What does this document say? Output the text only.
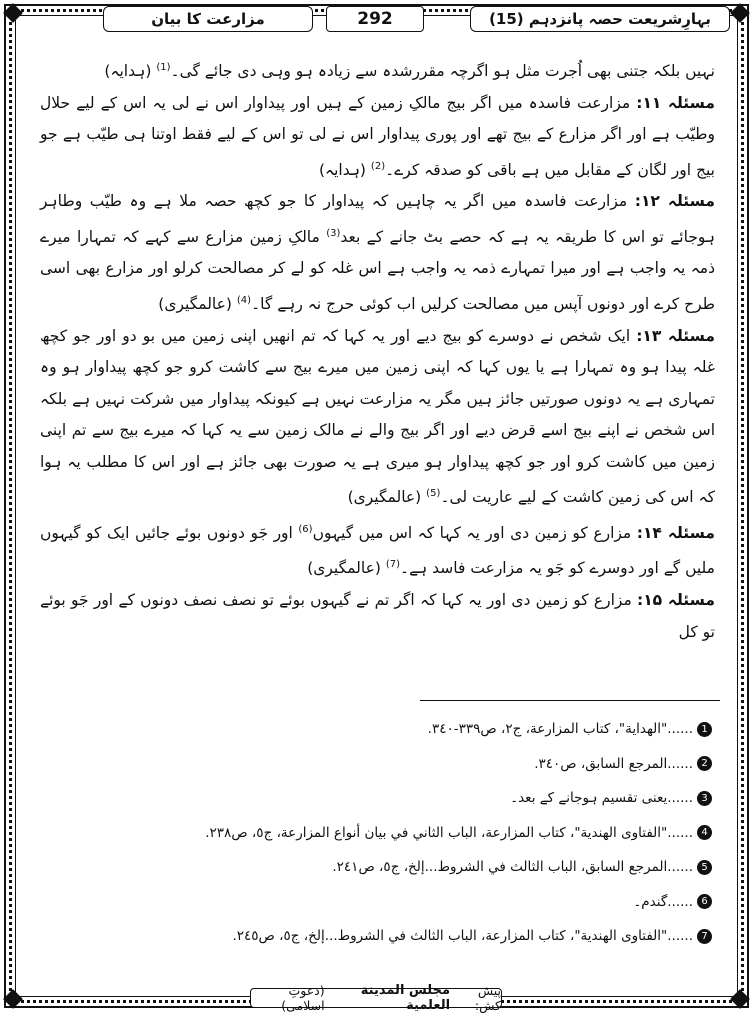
بہارِشریعت حصہ پانزدہم (15)
292
مزارعت کا بیان

نہیں بلکہ جتنی بھی اُجرت مثل ہو اگرچہ مقررشدہ سے زیادہ ہو وہی دی جائے گی۔$^{(1)}$ (ہدایہ)

مسئلہ ۱۱: مزارعت فاسدہ میں اگر بیج مالکِ زمین کے ہیں اور پیداوار اس نے لی یہ اس کے لیے حلال وطیّب ہے اور اگر مزارع کے بیج تھے اور پوری پیداوار اس نے لی تو اس کے لیے فقط اوتنا ہی طیّب ہے جو بیج اور لگان کے مقابل میں ہے باقی کو صدقہ کرے۔$^{(2)}$ (ہدایہ)

مسئلہ ۱۲: مزارعت فاسدہ میں اگر یہ چاہیں کہ پیداوار کا جو کچھ حصہ ملا ہے وہ طیّب وطاہر ہوجائے تو اس کا طریقہ یہ ہے کہ حصے بٹ جانے کے بعد$^{(3)}$ مالکِ زمین مزارع سے کہے کہ تمہارا میرے ذمہ یہ واجب ہے اور میرا تمہارے ذمہ یہ واجب ہے اس غلہ کو لے کر مصالحت کرلو اور مزارع بھی اسی طرح کرے اور دونوں آپس میں مصالحت کرلیں اب کوئی حرج نہ رہے گا۔$^{(4)}$ (عالمگیری)

مسئلہ ۱۳: ایک شخص نے دوسرے کو بیج دیے اور یہ کہا کہ تم انھیں اپنی زمین میں بو دو اور جو کچھ غلہ پیدا ہو وہ تمہارا ہے یا یوں کہا کہ اپنی زمین میں میرے بیج سے کاشت کرو جو کچھ پیداوار ہو وہ تمہاری ہے یہ دونوں صورتیں جائز ہیں مگر یہ مزارعت نہیں ہے کیونکہ پیداوار میں شرکت نہیں ہے بلکہ اس شخص نے اپنے بیج اسے قرض دیے اور اگر بیج والے نے مالک زمین سے یہ کہا کہ میرے بیج سے تم اپنی زمین میں کاشت کرو اور جو کچھ پیداوار ہو میری ہے یہ صورت بھی جائز ہے اور اس کا مطلب یہ ہوا کہ اس کی زمین کاشت کے لیے عاریت لی۔$^{(5)}$ (عالمگیری)

مسئلہ ۱۴: مزارع کو زمین دی اور یہ کہا کہ اس میں گیہوں$^{(6)}$ اور جَو دونوں بوئے جائیں ایک کو گیہوں ملیں گے اور دوسرے کو جَو یہ مزارعت فاسد ہے۔$^{(7)}$ (عالمگیری)

مسئلہ ۱۵: مزارع کو زمین دی اور یہ کہا کہ اگر تم نے گیہوں بوئے تو نصف نصف دونوں کے اور جَو بوئے تو کل

1
......"الهداية"، كتاب المزارعة، ج٢، ص٣٣٩-٣٤٠.
2
......المرجع السابق، ص٣٤٠.
3
......یعنی تقسیم ہوجانے کے بعد۔
4
......"الفتاوى الهندية"، كتاب المزارعة، الباب الثاني في بيان أنواع المزارعة، ج٥، ص٢٣٨.
5
......المرجع السابق، الباب الثالث في الشروط...إلخ، ج٥، ص٢٤١.
6
......گندم۔
7
......"الفتاوى الهندية"، كتاب المزارعة، الباب الثالث في الشروط...إلخ، ج٥، ص٢٤٥.
پیش کش:
مجلس المدينة العلمية
(دعوتِ اسلامی)
